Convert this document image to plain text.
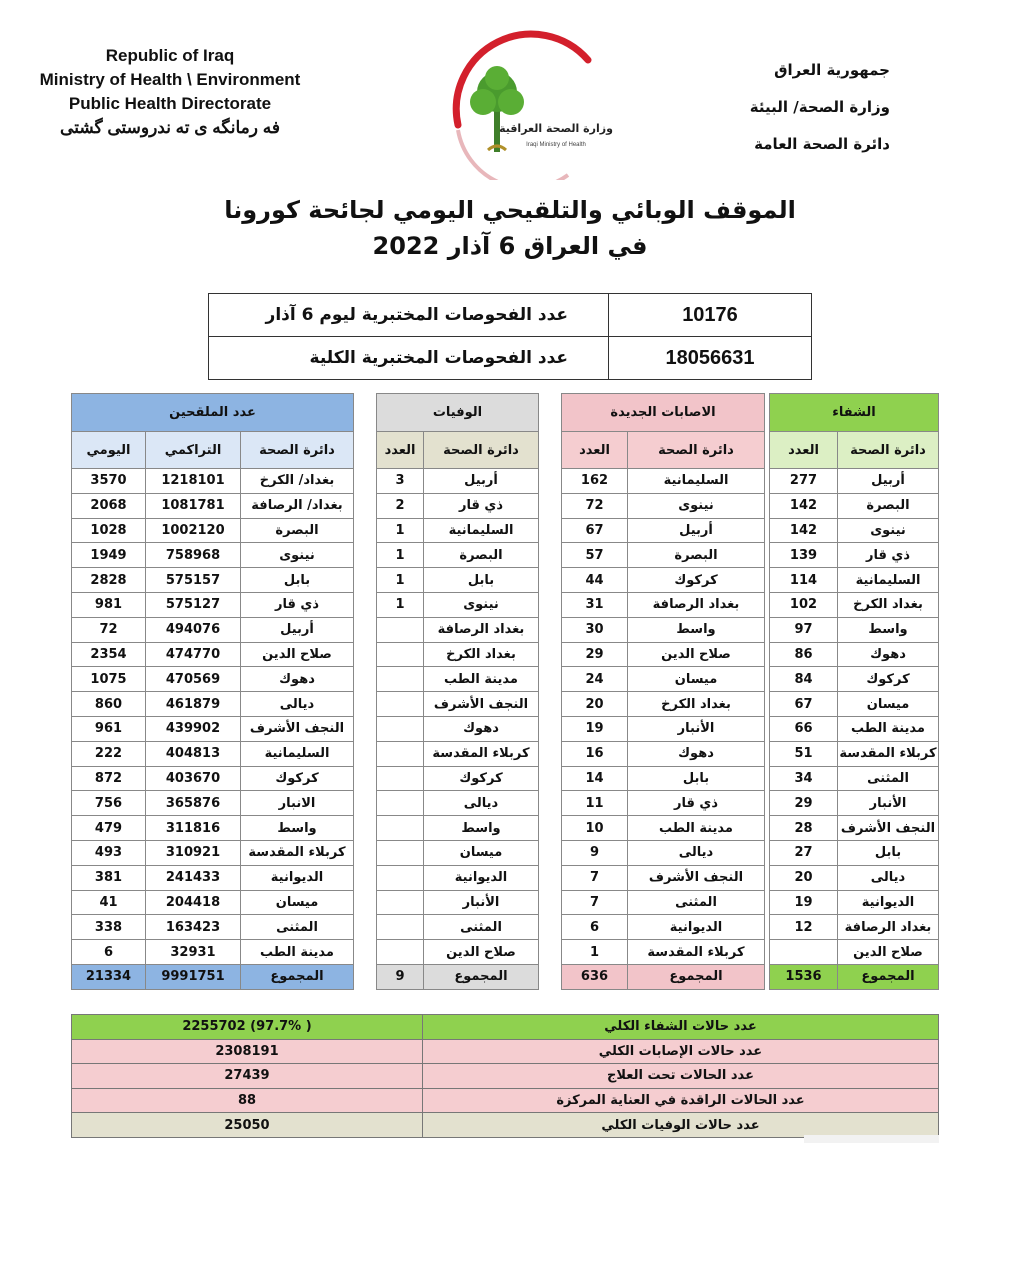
Republic of Iraq
Ministry of Health \ Environment
Public Health Directorate
فه رمانگه ی ته ندروستی گشتی
جمهورية العراق
وزارة الصحة/ البيئة
دائرة الصحة العامة
وزارة الصحة العراقية
Iraqi Ministry of Health
الموقف الوبائي والتلقيحي اليومي لجائحة كورونا
في العراق 6 آذار 2022
عدد الفحوصات المختبرية ليوم 6 آذار	10176
عدد الفحوصات المختبرية الكلية	18056631
الشفاء	
دائرة الصحة	العدد
أربيل	277
البصرة	142
نينوى	142
ذي قار	139
السليمانية	114
بغداد الكرخ	102
واسط	97
دهوك	86
كركوك	84
ميسان	67
مدينة الطب	66
كربلاء المقدسة	51
المثنى	34
الأنبار	29
النجف الأشرف	28
بابل	27
ديالى	20
الديوانية	19
بغداد الرصافة	12
صلاح الدين	
المجموع	1536
الاصابات الجديدة	
دائرة الصحة	العدد
السليمانية	162
نينوى	72
أربيل	67
البصرة	57
كركوك	44
بغداد الرصافة	31
واسط	30
صلاح الدين	29
ميسان	24
بغداد الكرخ	20
الأنبار	19
دهوك	16
بابل	14
ذي قار	11
مدينة الطب	10
ديالى	9
النجف الأشرف	7
المثنى	7
الديوانية	6
كربلاء المقدسة	1
المجموع	636
الوفيات	
دائرة الصحة	العدد
أربيل	3
ذي قار	2
السليمانية	1
البصرة	1
بابل	1
نينوى	1
بغداد الرصافة	
بغداد الكرخ	
مدينة الطب	
النجف الأشرف	
دهوك	
كربلاء المقدسة	
كركوك	
ديالى	
واسط	
ميسان	
الديوانية	
الأنبار	
المثنى	
صلاح الدين	
المجموع	9
عدد الملقحين		
دائرة الصحة	التراكمي	اليومي
بغداد/ الكرخ	1218101	3570
بغداد/ الرصافة	1081781	2068
البصرة	1002120	1028
نينوى	758968	1949
بابل	575157	2828
ذي قار	575127	981
أربيل	494076	72
صلاح الدين	474770	2354
دهوك	470569	1075
ديالى	461879	860
النجف الأشرف	439902	961
السليمانية	404813	222
كركوك	403670	872
الانبار	365876	756
واسط	311816	479
كربلاء المقدسة	310921	493
الديوانية	241433	381
ميسان	204418	41
المثنى	163423	338
مدينة الطب	32931	6
المجموع	9991751	21334
عدد حالات الشفاء الكلي	( 97.7%) 2255702
عدد حالات الإصابات الكلي	2308191
عدد الحالات تحت العلاج	27439
عدد الحالات الراقدة في العناية المركزة	88
عدد حالات الوفيات الكلي	25050
